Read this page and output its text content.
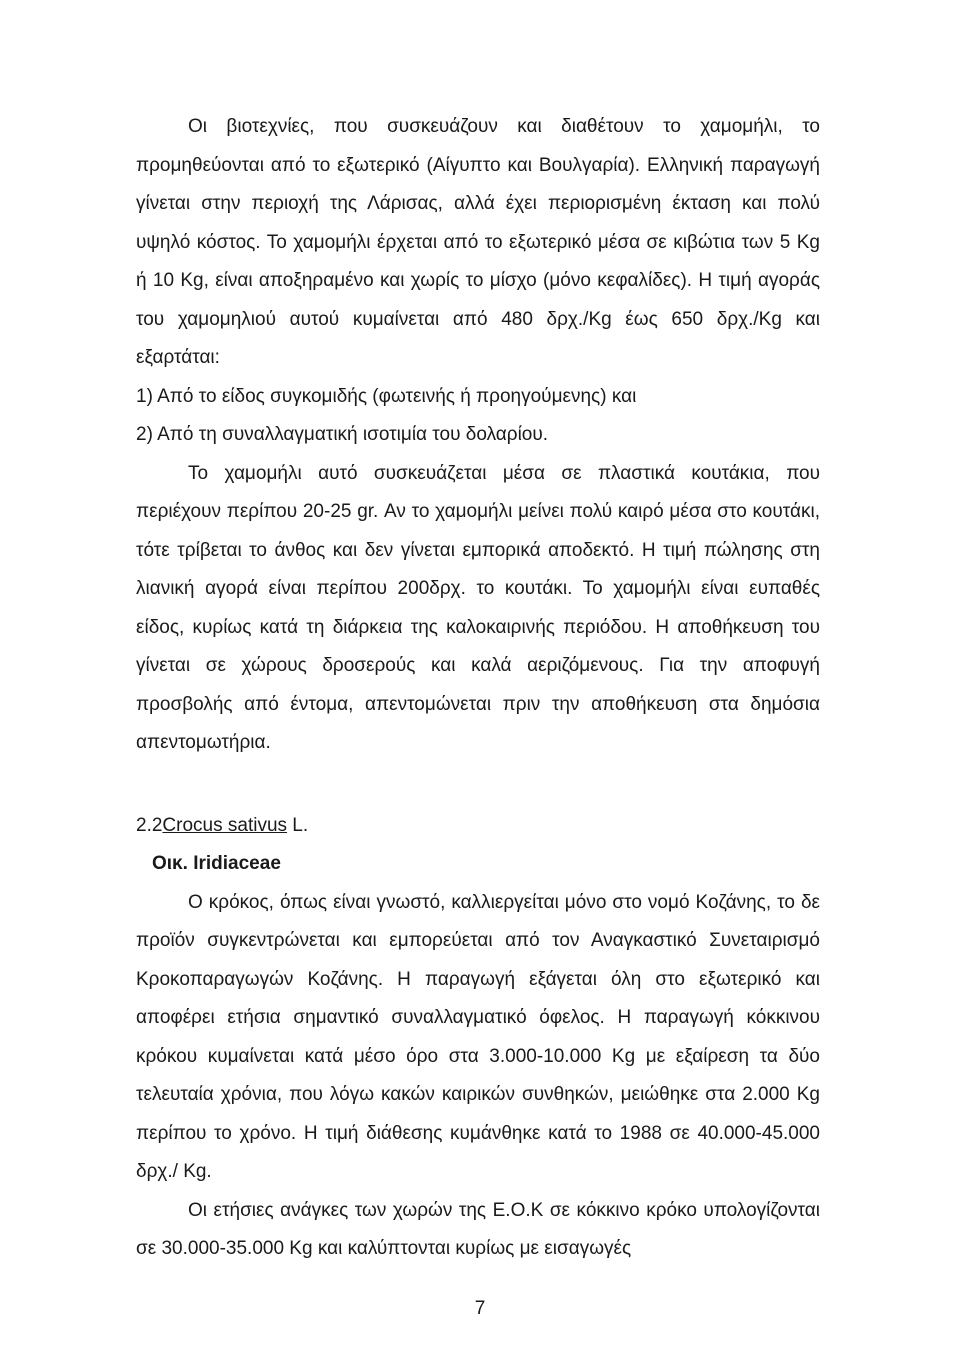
Οι βιοτεχνίες, που συσκευάζουν και διαθέτουν το χαμομήλι, το προμηθεύονται από το εξωτερικό (Αίγυπτο και Βουλγαρία). Ελληνική παραγωγή γίνεται στην περιοχή της Λάρισας, αλλά έχει περιορισμένη έκταση και πολύ υψηλό κόστος. Το χαμομήλι έρχεται από το εξωτερικό μέσα σε κιβώτια των 5 Kg ή 10 Kg, είναι αποξηραμένο και χωρίς το μίσχο (μόνο κεφαλίδες). Η τιμή αγοράς του χαμομηλιού αυτού κυμαίνεται από 480 δρχ./Kg έως 650 δρχ./Kg και εξαρτάται:

1) Από το είδος συγκομιδής (φωτεινής ή προηγούμενης) και

2) Από τη συναλλαγματική ισοτιμία του δολαρίου.

Το χαμομήλι αυτό συσκευάζεται μέσα σε πλαστικά κουτάκια, που περιέχουν περίπου 20-25 gr. Αν το χαμομήλι μείνει πολύ καιρό μέσα στο κουτάκι, τότε τρίβεται το άνθος και δεν γίνεται εμπορικά αποδεκτό. Η τιμή πώλησης στη λιανική αγορά είναι περίπου 200δρχ. το κουτάκι. Το χαμομήλι είναι ευπαθές είδος, κυρίως κατά τη διάρκεια της καλοκαιρινής περιόδου. Η αποθήκευση του γίνεται σε χώρους δροσερούς και καλά αεριζόμενους. Για την αποφυγή προσβολής από έντομα, απεντομώνεται πριν την αποθήκευση στα δημόσια απεντομωτήρια.

2.2Crocus sativus L.

Οικ. Iridiaceae

Ο κρόκος, όπως είναι γνωστό, καλλιεργείται μόνο στο νομό Κοζάνης, το δε προϊόν συγκεντρώνεται και εμπορεύεται από τον Αναγκαστικό Συνεταιρισμό Κροκοπαραγωγών Κοζάνης. Η παραγωγή εξάγεται όλη στο εξωτερικό και αποφέρει ετήσια σημαντικό συναλλαγματικό όφελος. Η παραγωγή κόκκινου κρόκου κυμαίνεται κατά μέσο όρο στα 3.000-10.000 Kg με εξαίρεση τα δύο τελευταία χρόνια, που λόγω κακών καιρικών συνθηκών, μειώθηκε στα 2.000 Kg περίπου το χρόνο. Η τιμή διάθεσης κυμάνθηκε κατά το 1988 σε 40.000-45.000 δρχ./ Kg.

Οι ετήσιες ανάγκες των χωρών της Ε.Ο.Κ σε κόκκινο κρόκο υπολογίζονται σε 30.000-35.000 Kg και καλύπτονται κυρίως με εισαγωγές

7
